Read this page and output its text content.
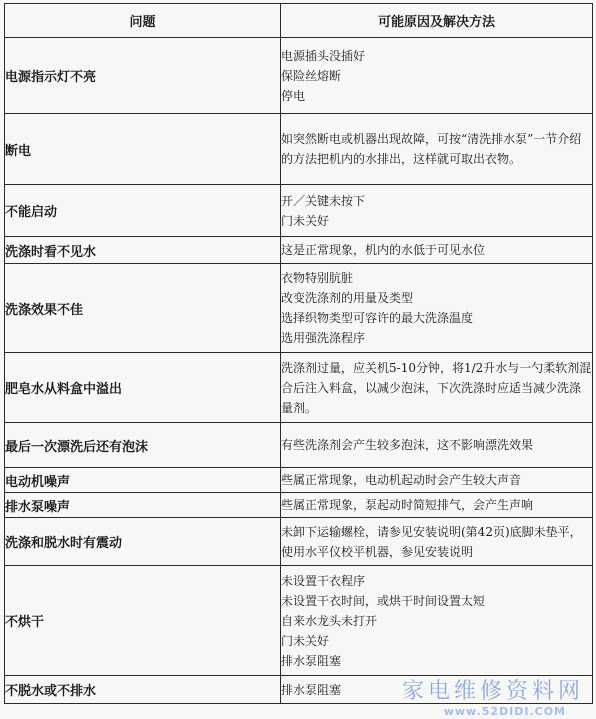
问题	可能原因及解决方法
电源指示灯不亮	电源插头没插好
保险丝熔断
停电

断电	如突然断电或机器出现故障，可按“清洗排水泵”一节介绍的方法把机内的水排出，这样就可取出衣物。

不能启动	开／关键未按下
门未关好

洗涤时看不见水	这是正常现象，机内的水低于可见水位

洗涤效果不佳	衣物特别肮脏
改变洗涤剂的用量及类型
选择织物类型可容许的最大洗涤温度
选用强洗涤程序

肥皂水从料盒中溢出	洗涤剂过量，应关机5-10分钟，将1/2升水与一勺柔软剂混合后注入料盒，以减少泡沫，下次洗涤时应适当减少洗涤量剂。

最后一次漂洗后还有泡沫	有些洗涤剂会产生较多泡沫，这不影响漂洗效果

电动机噪声	些属正常现象，电动机起动时会产生较大声音

排水泵噪声	些属正常现象，泵起动时简短排气，会产生声响

洗涤和脱水时有震动	未卸下运输螺栓，请参见安装说明(第42页)底脚未垫平，使用水平仪校平机器，参见安装说明

不烘干	未设置干衣程序
未设置干衣时间，或烘干时间设置太短
自来水龙头未打开
门未关好
排水泵阻塞

不脱水或不排水	排水泵阻塞	家电维修资料网
www.52DIDI.COM
